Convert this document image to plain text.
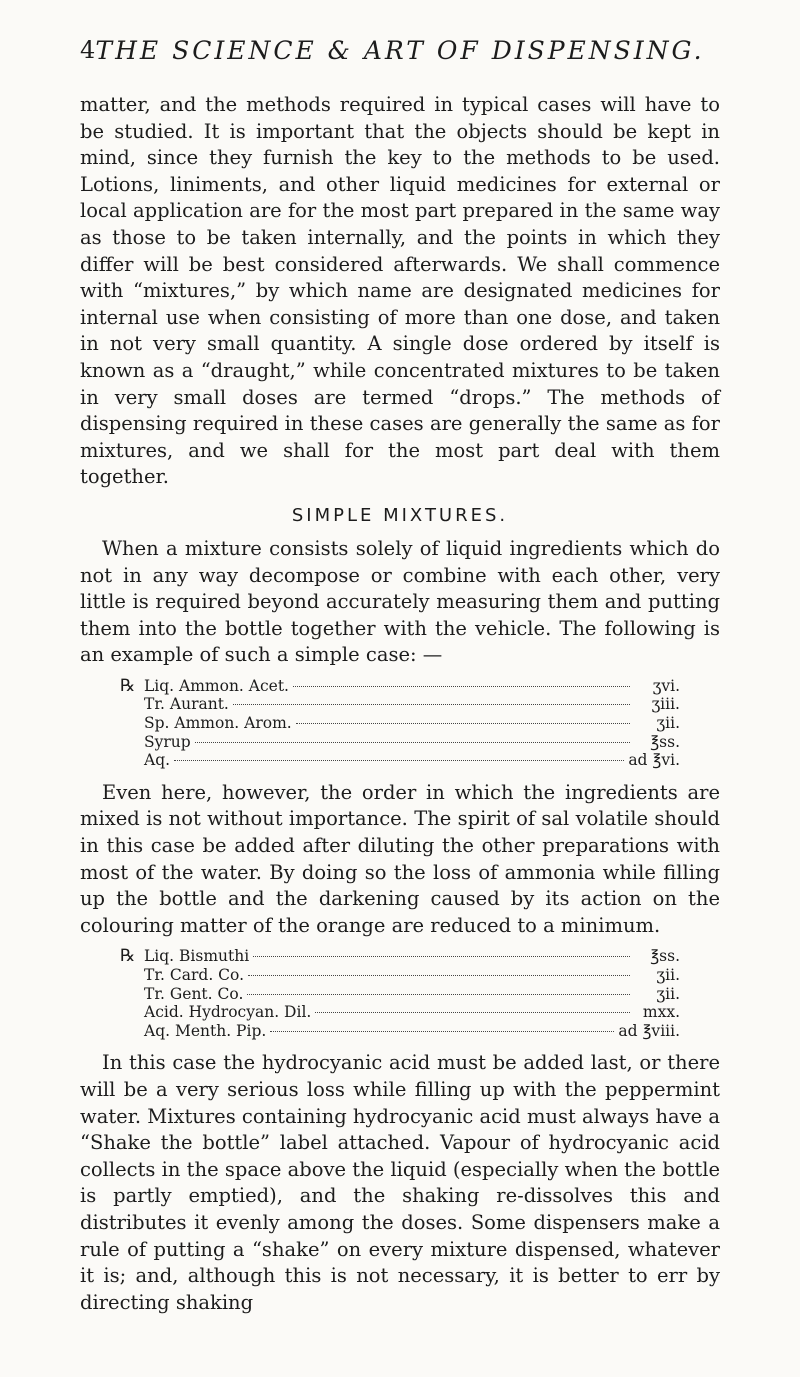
4 THE SCIENCE & ART OF DISPENSING.

matter, and the methods required in typical cases will have to be studied. It is important that the objects should be kept in mind, since they furnish the key to the methods to be used. Lotions, liniments, and other liquid medicines for external or local application are for the most part prepared in the same way as those to be taken internally, and the points in which they differ will be best considered afterwards. We shall commence with “mixtures,” by which name are designated medicines for internal use when consisting of more than one dose, and taken in not very small quantity. A single dose ordered by itself is known as a “draught,” while concentrated mixtures to be taken in very small doses are termed “drops.” The methods of dispensing required in these cases are generally the same as for mixtures, and we shall for the most part deal with them together.

SIMPLE MIXTURES.

When a mixture consists solely of liquid ingredients which do not in any way decompose or combine with each other, very little is required beyond accurately measuring them and putting them into the bottle together with the vehicle. The following is an example of such a simple case: —

℞ Liq. Ammon. Acet.	ʒvi.
Tr. Aurant.	ʒiii.
Sp. Ammon. Arom.	ʒii.
Syrup	℥ss.
Aq.	ad ℥vi.

Even here, however, the order in which the ingredients are mixed is not without importance. The spirit of sal volatile should in this case be added after diluting the other preparations with most of the water. By doing so the loss of ammonia while filling up the bottle and the darkening caused by its action on the colouring matter of the orange are reduced to a minimum.

℞ Liq. Bismuthi	℥ss.
Tr. Card. Co.	ʒii.
Tr. Gent. Co.	ʒii.
Acid. Hydrocyan. Dil.	mxx.
Aq. Menth. Pip.	ad ℥viii.

In this case the hydrocyanic acid must be added last, or there will be a very serious loss while filling up with the peppermint water. Mixtures containing hydrocyanic acid must always have a “Shake the bottle” label attached. Vapour of hydrocyanic acid collects in the space above the liquid (especially when the bottle is partly emptied), and the shaking re-dissolves this and distributes it evenly among the doses. Some dispensers make a rule of putting a “shake” on every mixture dispensed, whatever it is; and, although this is not necessary, it is better to err by directing shaking
